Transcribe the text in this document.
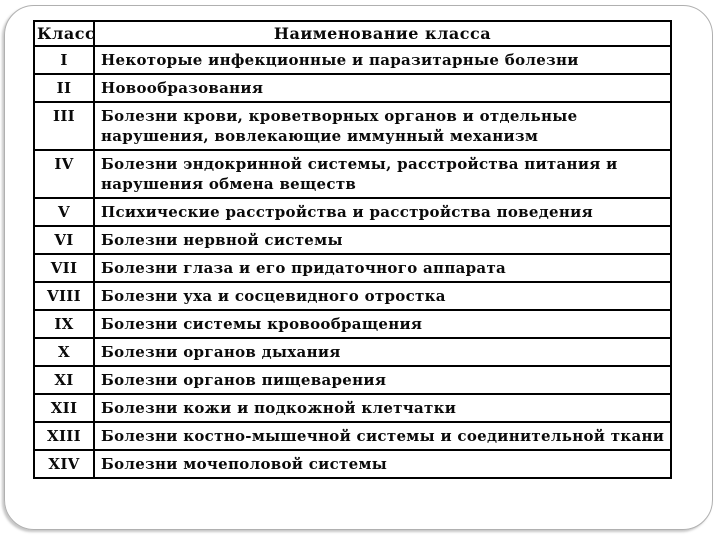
Класс	Наименование класса
I	Некоторые инфекционные и паразитарные болезни
II	Новообразования
III	Болезни крови, кроветворных органов и отдельные нарушения, вовлекающие иммунный механизм
IV	Болезни эндокринной системы, расстройства питания и нарушения обмена веществ
V	Психические расстройства и расстройства поведения
VI	Болезни нервной системы
VII	Болезни глаза и его придаточного аппарата
VIII	Болезни уха и сосцевидного отростка
IX	Болезни системы кровообращения
X	Болезни органов дыхания
XI	Болезни органов пищеварения
XII	Болезни кожи и подкожной клетчатки
XIII	Болезни костно-мышечной системы и соединительной ткани
XIV	Болезни мочеполовой системы
